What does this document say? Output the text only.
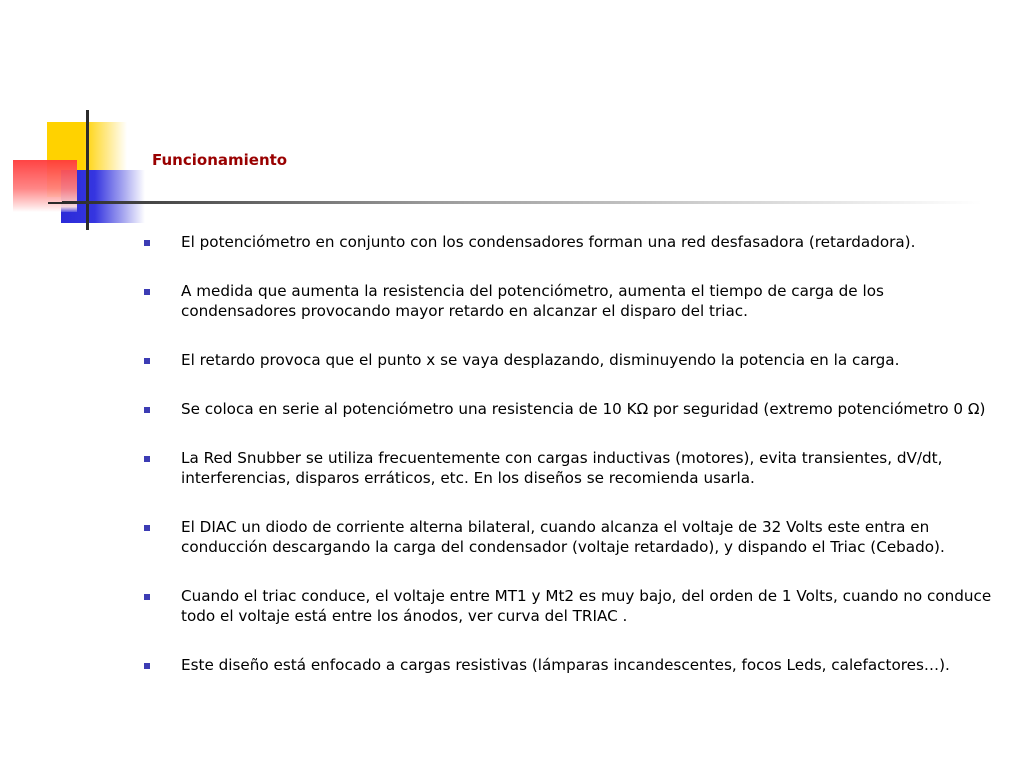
Funcionamiento
El potenciómetro en conjunto con los condensadores forman una red desfasadora (retardadora).
A medida que aumenta la resistencia del potenciómetro, aumenta el tiempo de carga de los condensadores provocando mayor retardo en alcanzar el disparo del triac.
El retardo provoca que el punto x se vaya desplazando, disminuyendo la potencia en la carga.
Se coloca en serie al potenciómetro una resistencia de 10 KΩ por seguridad (extremo potenciómetro 0 Ω)
La Red Snubber se utiliza frecuentemente con cargas inductivas (motores), evita transientes, dV/dt, interferencias, disparos erráticos, etc. En los diseños se recomienda usarla.
El DIAC un diodo de corriente alterna bilateral, cuando alcanza el voltaje de 32 Volts este entra en conducción descargando la carga del condensador (voltaje retardado), y dispando el Triac (Cebado).
Cuando el triac conduce, el voltaje entre MT1 y Mt2 es muy bajo, del orden de 1 Volts, cuando no conduce todo el voltaje está entre los ánodos, ver curva del TRIAC .
Este diseño está enfocado a cargas resistivas (lámparas incandescentes, focos Leds, calefactores…).
